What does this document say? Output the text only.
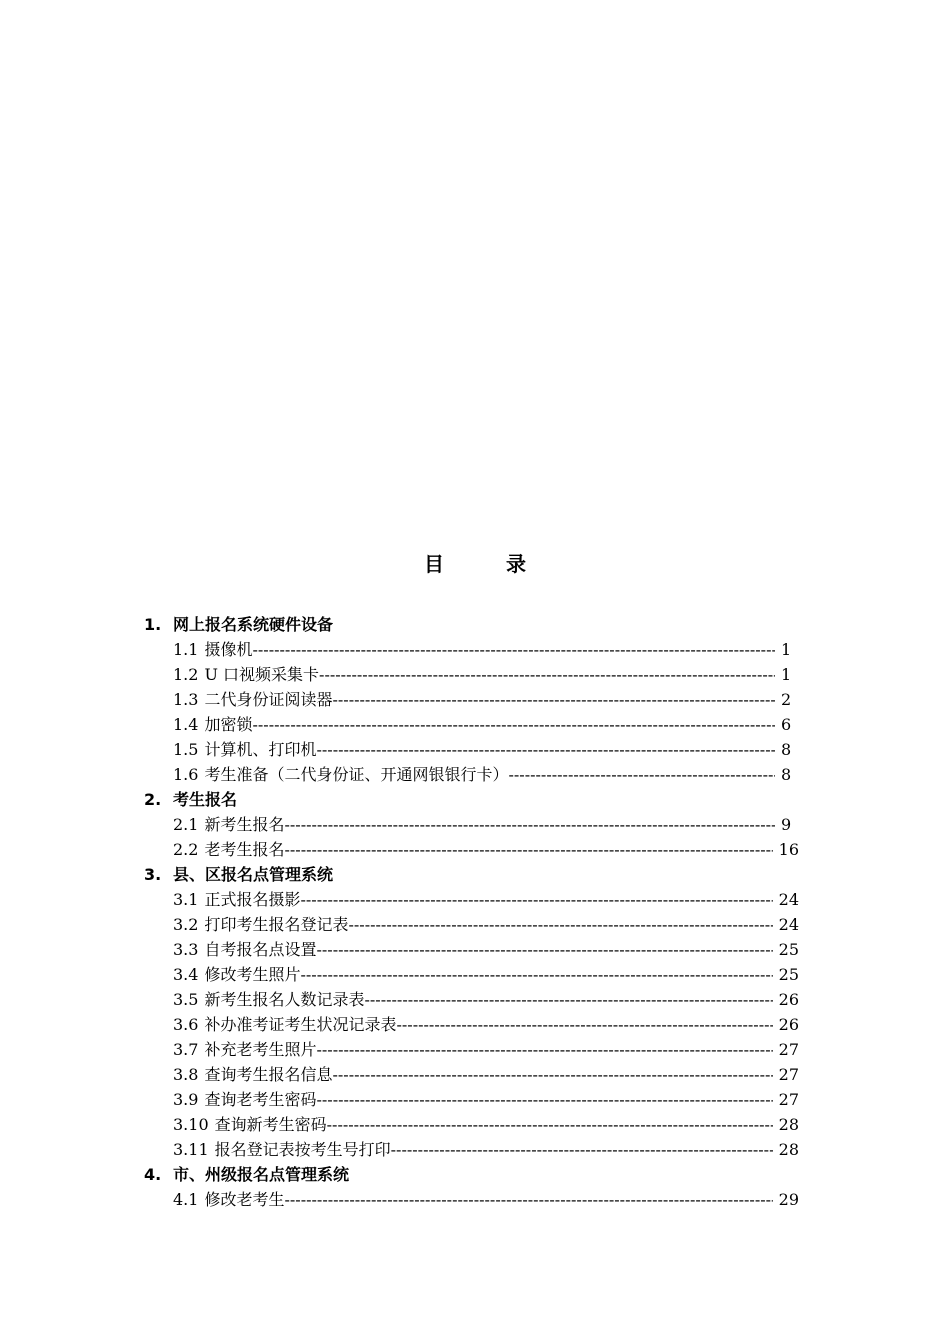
目	录
1. 网上报名系统硬件设备
1.1 摄像机 -----	1
1.2 U 口视频采集卡 -----	1
1.3 二代身份证阅读器 -----	2
1.4 加密锁 -----	6
1.5 计算机、打印机 -----	8
1.6 考生准备（二代身份证、开通网银银行卡） -----	8
2. 考生报名
2.1 新考生报名 -----	9
2.2 老考生报名 -----	16
3. 县、区报名点管理系统
3.1 正式报名摄影 -----	24
3.2 打印考生报名登记表 -----	24
3.3 自考报名点设置 -----	25
3.4 修改考生照片 -----	25
3.5 新考生报名人数记录表 -----	26
3.6 补办准考证考生状况记录表 -----	26
3.7 补充老考生照片 -----	27
3.8 查询考生报名信息 -----	27
3.9 查询老考生密码 -----	27
3.10 查询新考生密码 -----	28
3.11 报名登记表按考生号打印 -----	28
4. 市、州级报名点管理系统
4.1 修改老考生 -----	29
